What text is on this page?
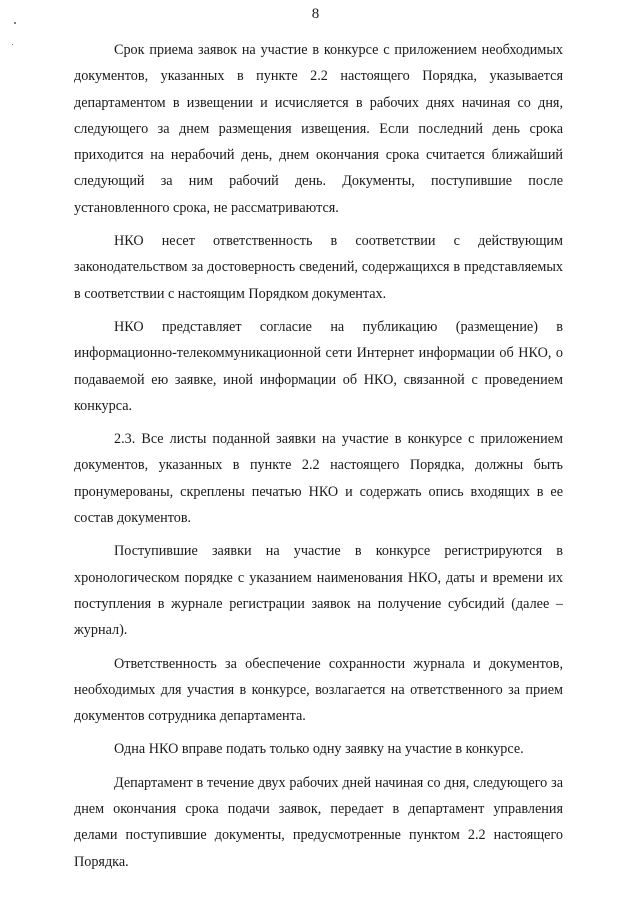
8

Срок приема заявок на участие в конкурсе с приложением необходимых документов, указанных в пункте 2.2 настоящего Порядка, указывается департаментом в извещении и исчисляется в рабочих днях начиная со дня, следующего за днем размещения извещения. Если последний день срока приходится на нерабочий день, днем окончания срока считается ближайший следующий за ним рабочий день. Документы, поступившие после установленного срока, не рассматриваются.

НКО несет ответственность в соответствии с действующим законодательством за достоверность сведений, содержащихся в представляемых в соответствии с настоящим Порядком документах.

НКО представляет согласие на публикацию (размещение) в информационно-телекоммуникационной сети Интернет информации об НКО, о подаваемой ею заявке, иной информации об НКО, связанной с проведением конкурса.

2.3. Все листы поданной заявки на участие в конкурсе с приложением документов, указанных в пункте 2.2 настоящего Порядка, должны быть пронумерованы, скреплены печатью НКО и содержать опись входящих в ее состав документов.

Поступившие заявки на участие в конкурсе регистрируются в хронологическом порядке с указанием наименования НКО, даты и времени их поступления в журнале регистрации заявок на получение субсидий (далее – журнал).

Ответственность за обеспечение сохранности журнала и документов, необходимых для участия в конкурсе, возлагается на ответственного за прием документов сотрудника департамента.

Одна НКО вправе подать только одну заявку на участие в конкурсе.

Департамент в течение двух рабочих дней начиная со дня, следующего за днем окончания срока подачи заявок, передает в департамент управления делами поступившие документы, предусмотренные пунктом 2.2 настоящего Порядка.
